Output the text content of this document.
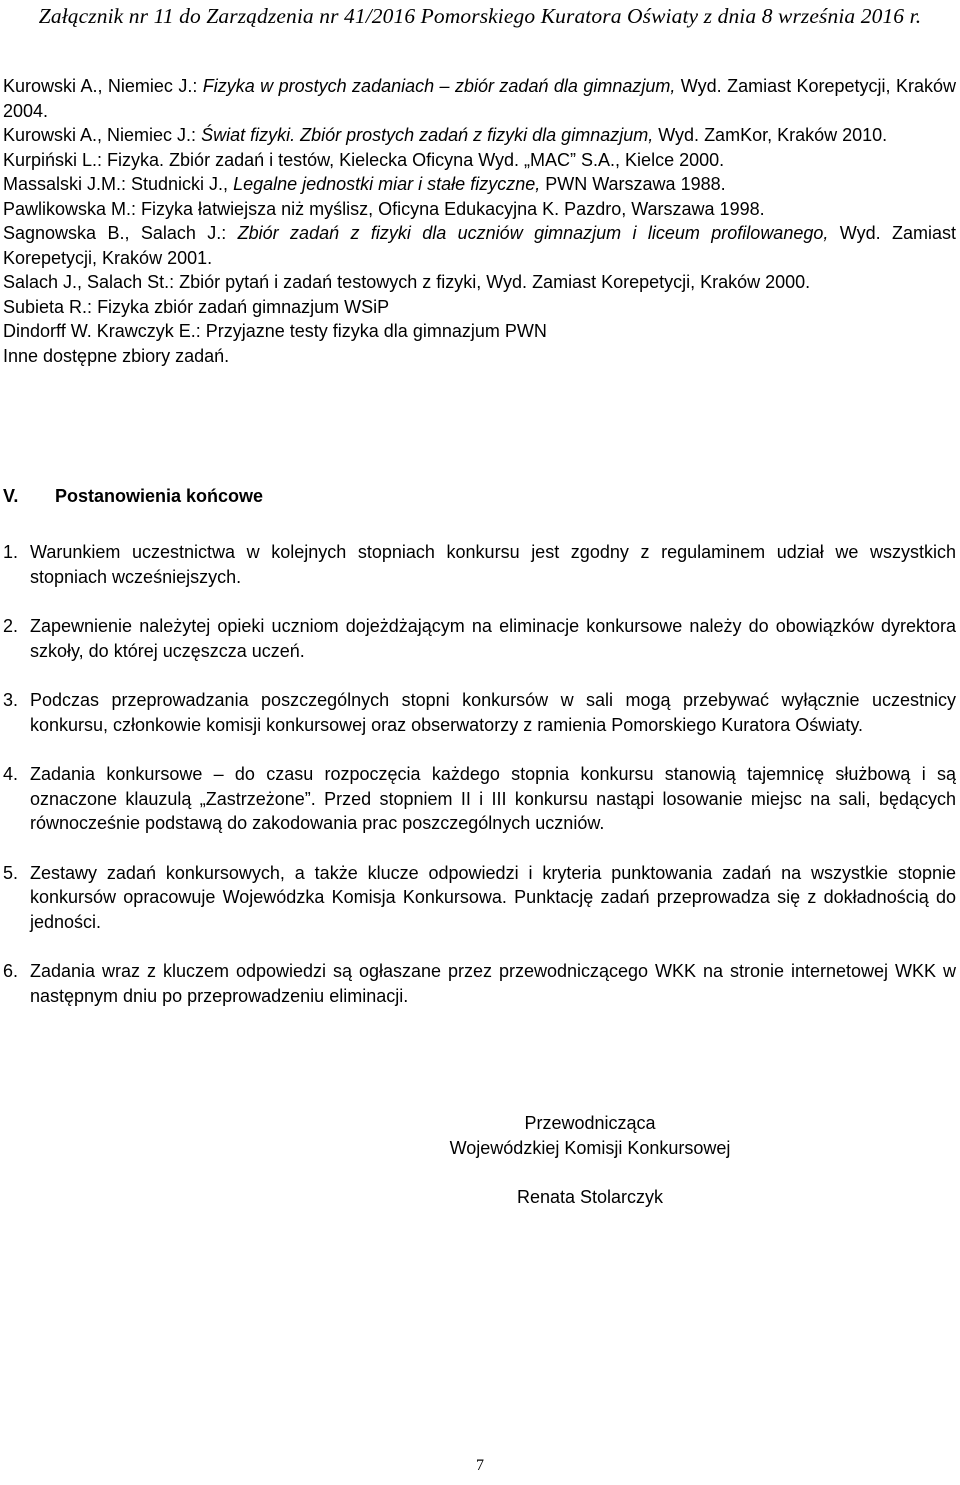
Załącznik nr 11 do Zarządzenia nr 41/2016 Pomorskiego Kuratora Oświaty z dnia 8 września 2016 r.
Kurowski A., Niemiec J.: Fizyka w prostych zadaniach – zbiór zadań dla gimnazjum, Wyd. Zamiast Korepetycji, Kraków 2004.
Kurowski A., Niemiec J.: Świat fizyki. Zbiór prostych zadań z fizyki dla gimnazjum, Wyd. ZamKor, Kraków 2010.
Kurpiński L.: Fizyka. Zbiór zadań i testów, Kielecka Oficyna Wyd. „MAC” S.A., Kielce 2000.
Massalski J.M.: Studnicki J., Legalne jednostki miar i stałe fizyczne, PWN Warszawa 1988.
Pawlikowska M.: Fizyka łatwiejsza niż myślisz, Oficyna Edukacyjna K. Pazdro, Warszawa 1998.
Sagnowska B., Salach J.: Zbiór zadań z fizyki dla uczniów gimnazjum i liceum profilowanego, Wyd. Zamiast Korepetycji, Kraków 2001.
Salach J., Salach St.: Zbiór pytań i zadań testowych z fizyki, Wyd. Zamiast Korepetycji, Kraków 2000.
Subieta R.: Fizyka zbiór zadań gimnazjum WSiP
Dindorff W. Krawczyk E.: Przyjazne testy fizyka dla gimnazjum PWN
Inne dostępne zbiory zadań.
V. Postanowienia końcowe
1. Warunkiem uczestnictwa w kolejnych stopniach konkursu jest zgodny z regulaminem udział we wszystkich stopniach wcześniejszych.
2. Zapewnienie należytej opieki uczniom dojeżdżającym na eliminacje konkursowe należy do obowiązków dyrektora szkoły, do której uczęszcza uczeń.
3. Podczas przeprowadzania poszczególnych stopni konkursów w sali mogą przebywać wyłącznie uczestnicy konkursu, członkowie komisji konkursowej oraz obserwatorzy z ramienia Pomorskiego Kuratora Oświaty.
4. Zadania konkursowe – do czasu rozpoczęcia każdego stopnia konkursu stanowią tajemnicę służbową i są oznaczone klauzulą „Zastrzeżone”. Przed stopniem II i III konkursu nastąpi losowanie miejsc na sali, będących równocześnie podstawą do zakodowania prac poszczególnych uczniów.
5. Zestawy zadań konkursowych, a także klucze odpowiedzi i kryteria punktowania zadań na wszystkie stopnie konkursów opracowuje Wojewódzka Komisja Konkursowa. Punktację zadań przeprowadza się z dokładnością do jedności.
6. Zadania wraz z kluczem odpowiedzi są ogłaszane przez przewodniczącego WKK na stronie internetowej WKK w następnym dniu po przeprowadzeniu eliminacji.
Przewodnicząca
Wojewódzkiej Komisji Konkursowej
Renata Stolarczyk
7
